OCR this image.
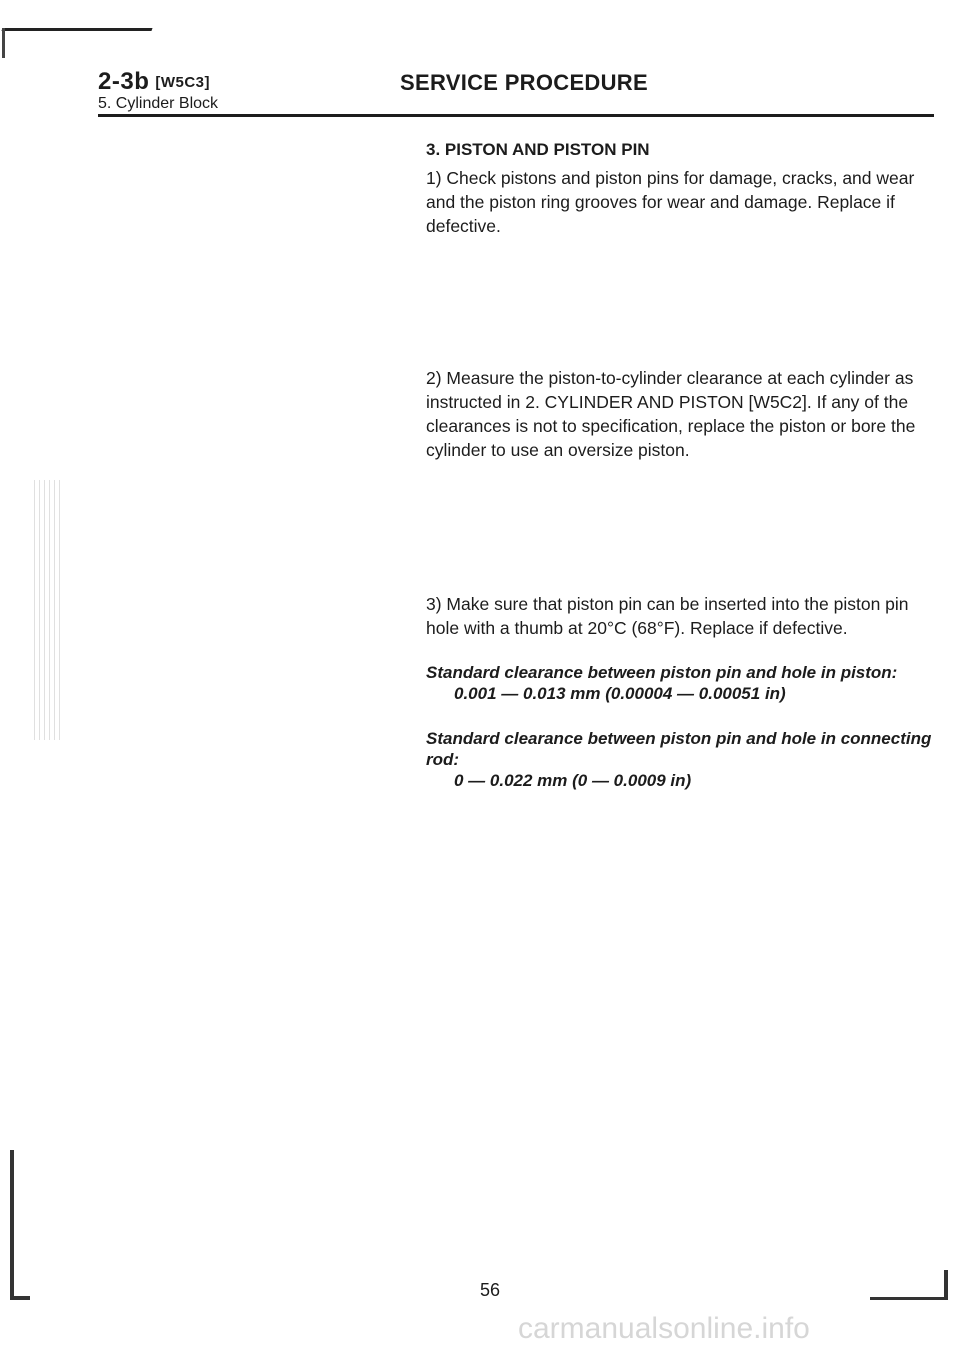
2-3b [W5C3]
5. Cylinder Block
SERVICE PROCEDURE
3. PISTON AND PISTON PIN

1) Check pistons and piston pins for damage, cracks, and wear and the piston ring grooves for wear and damage. Replace if defective.

2) Measure the piston-to-cylinder clearance at each cylinder as instructed in 2. CYLINDER AND PISTON [W5C2]. If any of the clearances is not to specification, replace the piston or bore the cylinder to use an oversize piston.

3) Make sure that piston pin can be inserted into the piston pin hole with a thumb at 20°C (68°F). Replace if defective.

Standard clearance between piston pin and hole in piston:

0.001 — 0.013 mm (0.00004 — 0.00051 in)

Standard clearance between piston pin and hole in connecting rod:

0 — 0.022 mm (0 — 0.0009 in)

56
carmanualsonline.info
